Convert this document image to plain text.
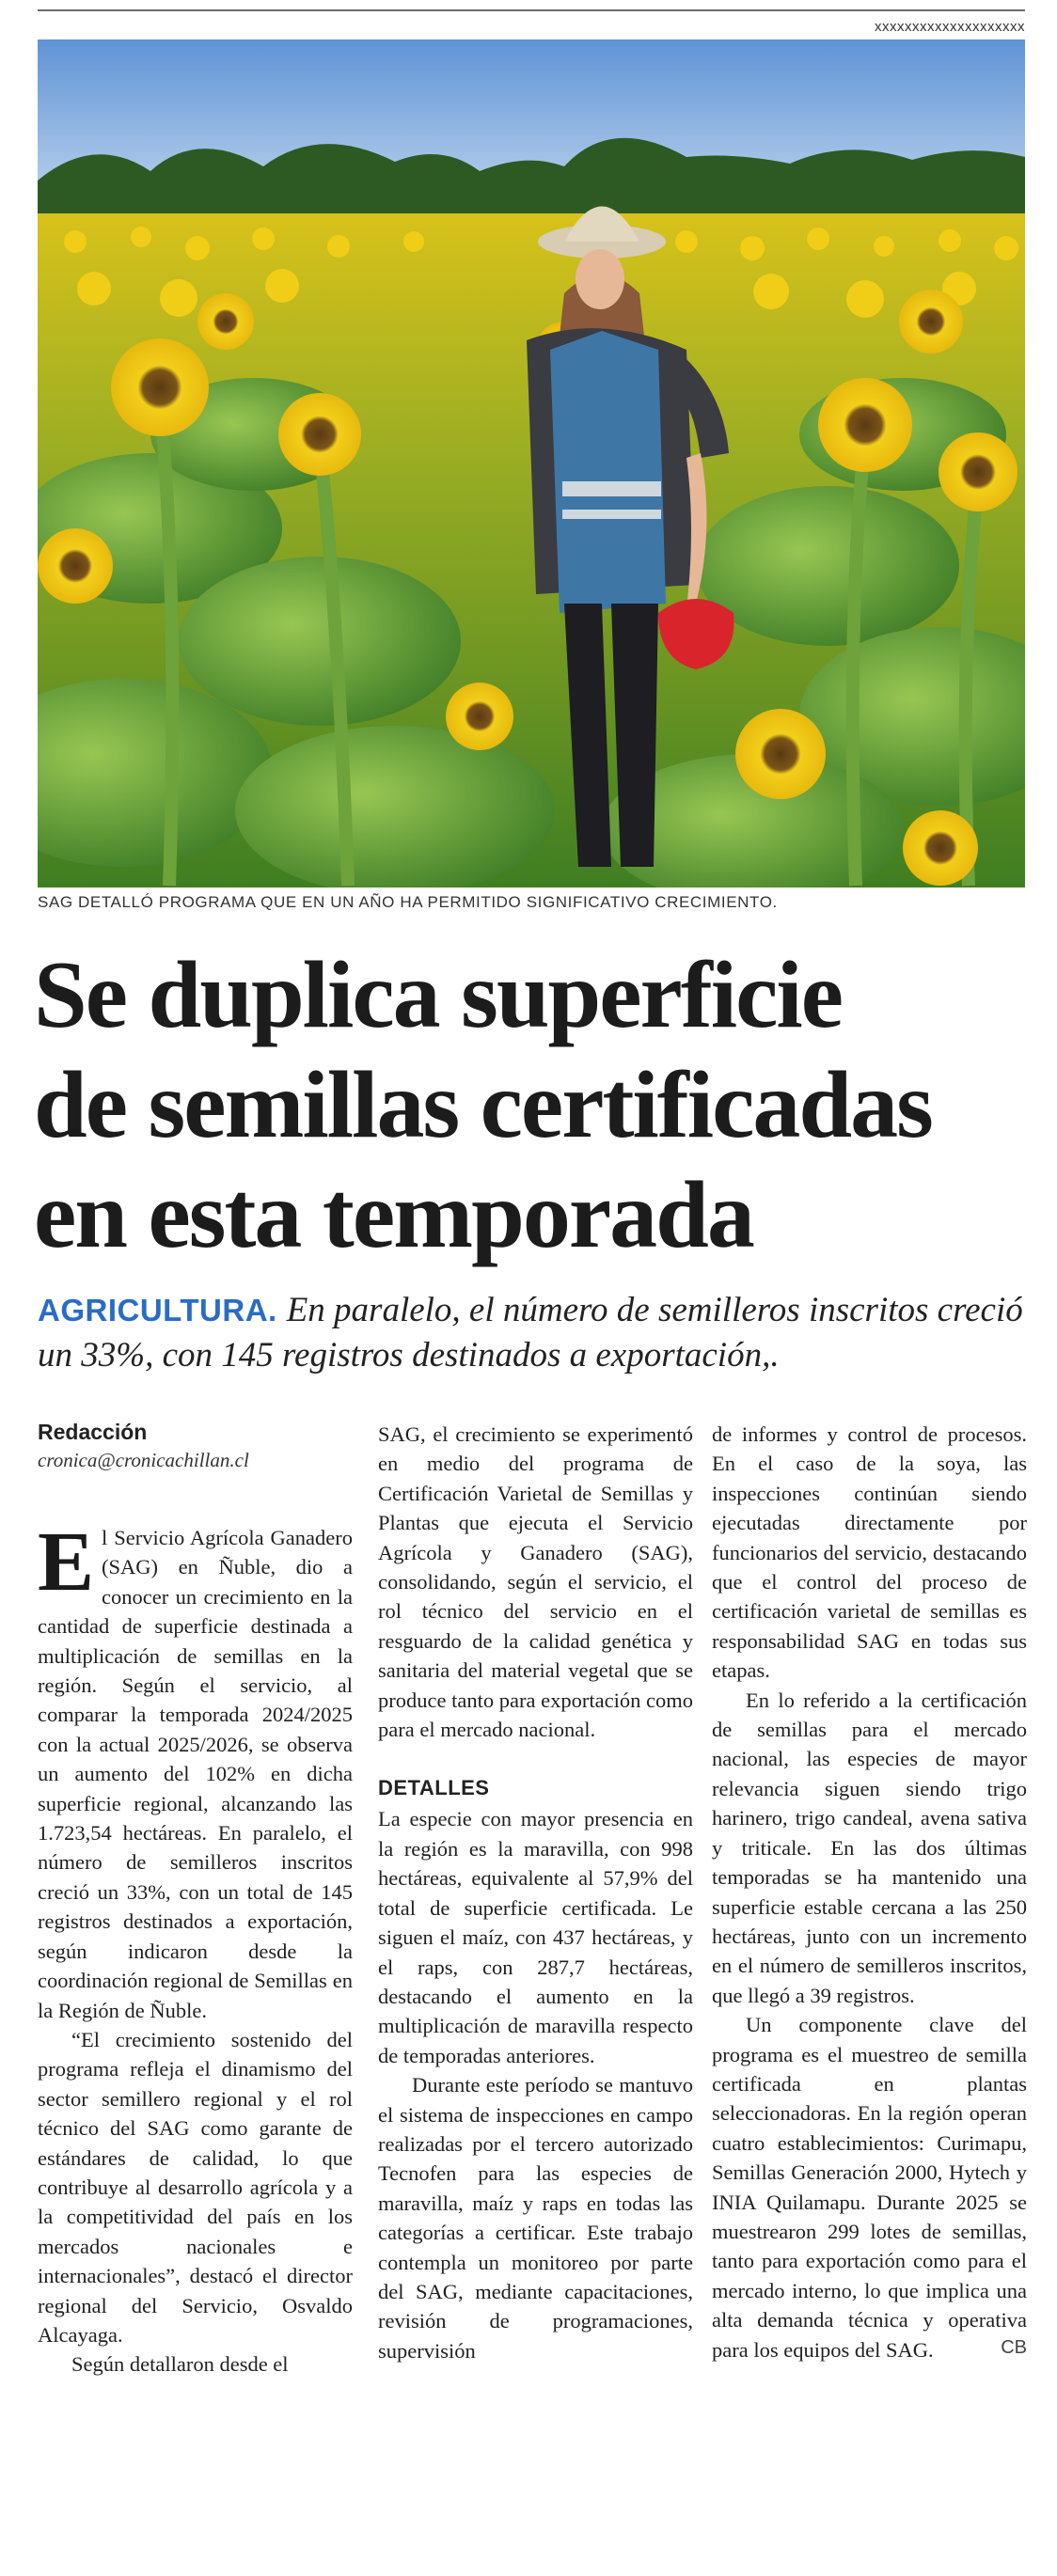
xxxxxxxxxxxxxxxxxxxx
SAG DETALLÓ PROGRAMA QUE EN UN AÑO HA PERMITIDO SIGNIFICATIVO CRECIMIENTO.
Se duplica superficie
de semillas certificadas
en esta temporada

AGRICULTURA. En paralelo, el número de semilleros inscritos creció un 33%, con 145 registros destinados a exportación,.

Redacción
cronica@cronicachillan.cl

El Servicio Agrícola Ganadero (SAG) en Ñuble, dio a conocer un crecimiento en la cantidad de superficie destinada a multiplicación de semillas en la región. Según el servicio, al comparar la temporada 2024/2025 con la actual 2025/2026, se observa un aumento del 102% en dicha superficie regional, alcanzando las 1.723,54 hectáreas. En paralelo, el número de semilleros inscritos creció un 33%, con un total de 145 registros destinados a exportación, según indicaron desde la coordinación regional de Semillas en la Región de Ñuble.

“El crecimiento sostenido del programa refleja el dinamismo del sector semillero regional y el rol técnico del SAG como garante de estándares de calidad, lo que contribuye al desarrollo agrícola y a la competitividad del país en los mercados nacionales e internacionales”, destacó el director regional del Servicio, Osvaldo Alcayaga.

Según detallaron desde el

SAG, el crecimiento se experimentó en medio del programa de Certificación Varietal de Semillas y Plantas que ejecuta el Servicio Agrícola y Ganadero (SAG), consolidando, según el servicio, el rol técnico del servicio en el resguardo de la calidad genética y sanitaria del material vegetal que se produce tanto para exportación como para el mercado nacional.

DETALLES

La especie con mayor presencia en la región es la maravilla, con 998 hectáreas, equivalente al 57,9% del total de superficie certificada. Le siguen el maíz, con 437 hectáreas, y el raps, con 287,7 hectáreas, destacando el aumento en la multiplicación de maravilla respecto de temporadas anteriores.

Durante este período se mantuvo el sistema de inspecciones en campo realizadas por el tercero autorizado Tecnofen para las especies de maravilla, maíz y raps en todas las categorías a certificar. Este trabajo contempla un monitoreo por parte del SAG, mediante capacitaciones, revisión de programaciones, supervisión

de informes y control de procesos. En el caso de la soya, las inspecciones continúan siendo ejecutadas directamente por funcionarios del servicio, destacando que el control del proceso de certificación varietal de semillas es responsabilidad SAG en todas sus etapas.

En lo referido a la certificación de semillas para el mercado nacional, las especies de mayor relevancia siguen siendo trigo harinero, trigo candeal, avena sativa y triticale. En las dos últimas temporadas se ha mantenido una superficie estable cercana a las 250 hectáreas, junto con un incremento en el número de semilleros inscritos, que llegó a 39 registros.

Un componente clave del programa es el muestreo de semilla certificada en plantas seleccionadoras. En la región operan cuatro establecimientos: Curimapu, Semillas Generación 2000, Hytech y INIA Quilamapu. Durante 2025 se muestrearon 299 lotes de semillas, tanto para exportación como para el mercado interno, lo que implica una alta demanda técnica y operativa para los equipos del SAG.	CB
